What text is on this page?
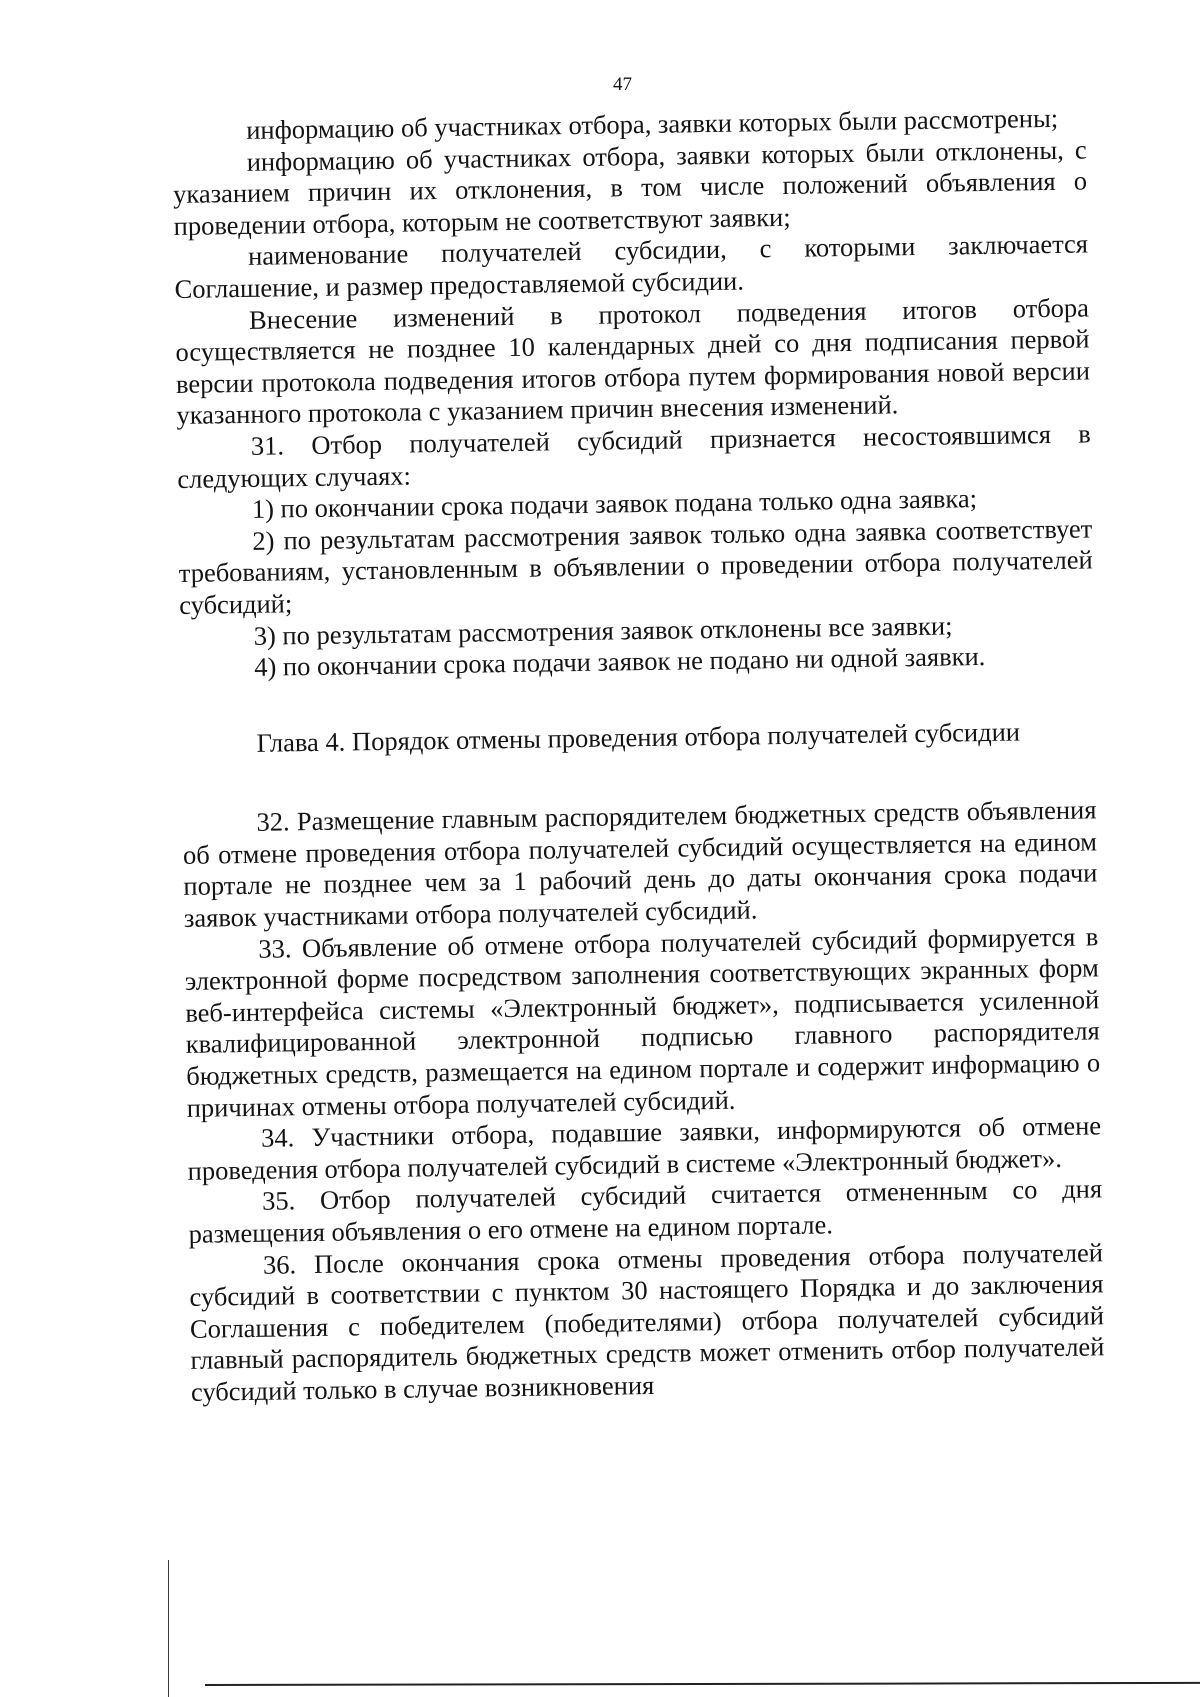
47

информацию об участниках отбора, заявки которых были рассмотрены;

информацию об участниках отбора, заявки которых были отклонены, с указанием причин их отклонения, в том числе положений объявления о проведении отбора, которым не соответствуют заявки;

наименование получателей субсидии, с которыми заключается Соглашение, и размер предоставляемой субсидии.

Внесение изменений в протокол подведения итогов отбора осуществляется не позднее 10 календарных дней со дня подписания первой версии протокола подведения итогов отбора путем формирования новой версии указанного протокола с указанием причин внесения изменений.

31. Отбор получателей субсидий признается несостоявшимся в следующих случаях:

1) по окончании срока подачи заявок подана только одна заявка;

2) по результатам рассмотрения заявок только одна заявка соответствует требованиям, установленным в объявлении о проведении отбора получателей субсидий;

3) по результатам рассмотрения заявок отклонены все заявки;

4) по окончании срока подачи заявок не подано ни одной заявки.

Глава 4. Порядок отмены проведения отбора получателей субсидии

32. Размещение главным распорядителем бюджетных средств объявления об отмене проведения отбора получателей субсидий осуществляется на едином портале не позднее чем за 1 рабочий день до даты окончания срока подачи заявок участниками отбора получателей субсидий.

33. Объявление об отмене отбора получателей субсидий формируется в электронной форме посредством заполнения соответствующих экранных форм веб-интерфейса системы «Электронный бюджет», подписывается усиленной квалифицированной электронной подписью главного распорядителя бюджетных средств, размещается на едином портале и содержит информацию о причинах отмены отбора получателей субсидий.

34. Участники отбора, подавшие заявки, информируются об отмене проведения отбора получателей субсидий в системе «Электронный бюджет».

35. Отбор получателей субсидий считается отмененным со дня размещения объявления о его отмене на едином портале.

36. После окончания срока отмены проведения отбора получателей субсидий в соответствии с пунктом 30 настоящего Порядка и до заключения Соглашения с победителем (победителями) отбора получателей субсидий главный распорядитель бюджетных средств может отменить отбор получателей субсидий только в случае возникновения
